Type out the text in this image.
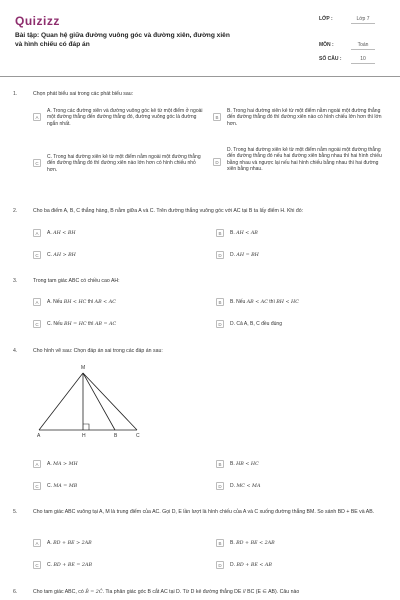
Quizizz
Bài tập: Quan hệ giữa đường vuông góc và đường xiên, đường xiên và hình chiếu có đáp án
LỚP :	Lớp 7
MÔN :	Toán
SỐ CÂU :	10
1.	Chọn phát biểu sai trong các phát biểu sau:
A
A. Trong các đường xiên và đường vuông góc kẻ từ một điểm ở ngoài một đường thẳng đến đường thẳng đó, đường vuông góc là đường ngắn nhất.
B
B. Trong hai đường xiên kẻ từ một điểm nằm ngoài một đường thẳng đến đường thẳng đó thì đường xiên nào có hình chiếu lớn hơn thì lớn hơn.
C
C. Trong hai đường xiên kẻ từ một điểm nằm ngoài một đường thẳng đến đường thẳng đó thì đường xiên nào lớn hơn có hình chiếu nhỏ hơn.
D
D. Trong hai đường xiên kẻ từ một điểm nằm ngoài một đường thẳng đến đường thẳng đó nếu hai đường xiên bằng nhau thì hai hình chiếu bằng nhau và ngược lại nếu hai hình chiếu bằng nhau thì hai đường xiên bằng nhau.
2.	Cho ba điểm A, B, C thẳng hàng, B nằm giữa A và C. Trên đường thẳng vuông góc với AC tại B ta lấy điểm H. Khi đó:
A	A. AH < BH	B	B. AH < AB
C	C. AH > BH	D	D. AH = BH
3.	Trong tam giác ABC có chiều cao AH:
A	A. Nếu BH < HC thì AB < AC	B	B. Nếu AB < AC thì BH < HC
C	C. Nếu BH = HC thì AB = AC	D	D. Cả A, B, C đều đúng
4.	Cho hình vẽ sau: Chọn đáp án sai trong các đáp án sau:
A	A. MA > MH	B	B. HB < HC
C	C. MA = MB	D	D. MC < MA
M
A	H	B	C
5.	Cho tam giác ABC vuông tại A, M là trung điểm của AC. Gọi D, E lần lượt là hình chiếu của A và C xuống đường thẳng BM. So sánh BD + BE và AB.
A	A. BD + BE > 2AB	B	B. BD + BE < 2AB
C	C. BD + BE = 2AB	D	D. BD + BE < AB
6.	Cho tam giác ABC, có B̂ = 2Ĉ. Tia phân giác góc B cắt AC tại D. Từ D kẻ đường thẳng DE // BC (E ∈ AB). Câu nào
